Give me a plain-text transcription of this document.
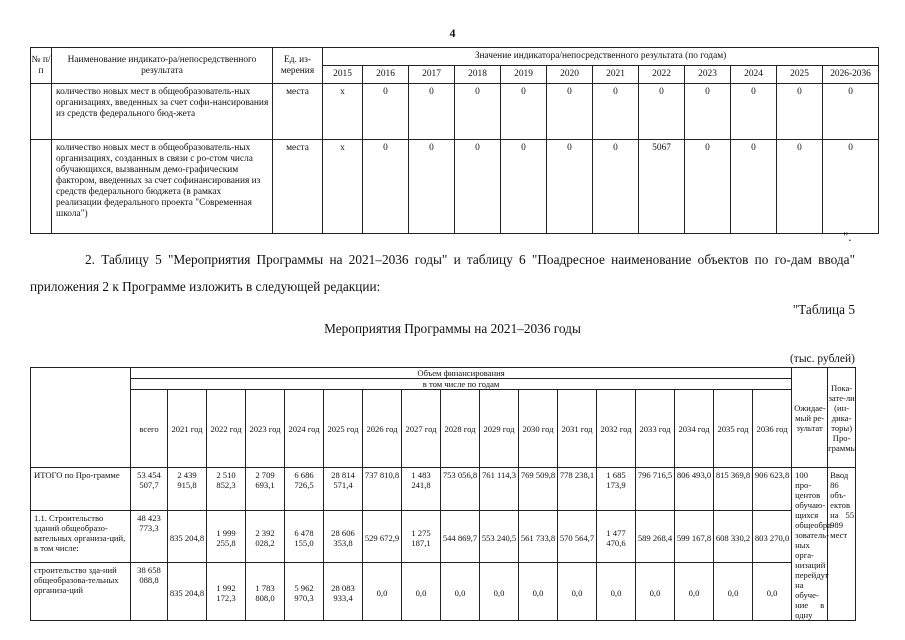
4
№ п/п	Наименование индикато-ра/непосредственного результата	Ед. из-мерения	Значение индикатора/непосредственного результата (по годам)											
			2015	2016	2017	2018	2019	2020	2021	2022	2023	2024	2025	2026-2036
	количество новых мест в общеобразователь-ных организациях, введенных за счет софи-нансирования из средств федерального бюд-жета	места	х	0	0	0	0	0	0	0	0	0	0	0
	количество новых мест в общеобразователь-ных организациях, созданных в связи с ро-стом числа обучающихся, вызванным демо-графическим фактором, введенных за счет софинансирования из средств федерального бюджета (в рамках реализации федерального проекта "Современная школа")	места	х	0	0	0	0	0	0	5067	0	0	0	0
".
2. Таблицу 5 "Мероприятия Программы на 2021–2036 годы" и таблицу 6 "Поадресное наименование объектов по го-дам ввода" приложения 2 к Программе изложить в следующей редакции:
"Таблица 5
Мероприятия Программы на 2021–2036 годы
(тыс. рублей)
	Объем финансирования																	Ожидае-мый ре-зультат	Пока-зате-ли (ин-дика-торы) Про-граммы
	в том числе по годам																		
	всего	2021 год	2022 год	2023 год	2024 год	2025 год	2026 год	2027 год	2028 год	2029 год	2030 год	2031 год	2032 год	2033 год	2034 год	2035 год	2036 год		
ИТОГО по Про-грамме	53 454 507,7	2 439 915,8	2 510 852,3	2 709 693,1	6 686 726,5	28 814 571,4	737 810,8	1 483 241,8	753 056,8	761 114,3	769 509,8	778 238,1	1 685 173,9	796 716,5	806 493,0	815 369,8	906 623,8	100 про-центов обучаю-щихся общеобра-зователь-ных орга-низаций перейдут на обуче-ние в одну	Ввод 86 объ-ектов на 55 989 мест
1.1. Строительство зданий общеобразо-вательных организа-ций, в том числе:	48 423 773,3	835 204,8	1 999 255,8	2 392 028,2	6 478 155,0	28 606 353,8	529 672,9	1 275 187,1	544 869,7	553 240,5	561 733,8	570 564,7	1 477 470,6	589 268,4	599 167,8	608 330,2	803 270,0		
строительство зда-ний общеобразова-тельных организа-ций	38 658 088,8	835 204,8	1 992 172,3	1 783 808,0	5 962 970,3	28 083 933,4	0,0	0,0	0,0	0,0	0,0	0,0	0,0	0,0	0,0	0,0	0,0		
